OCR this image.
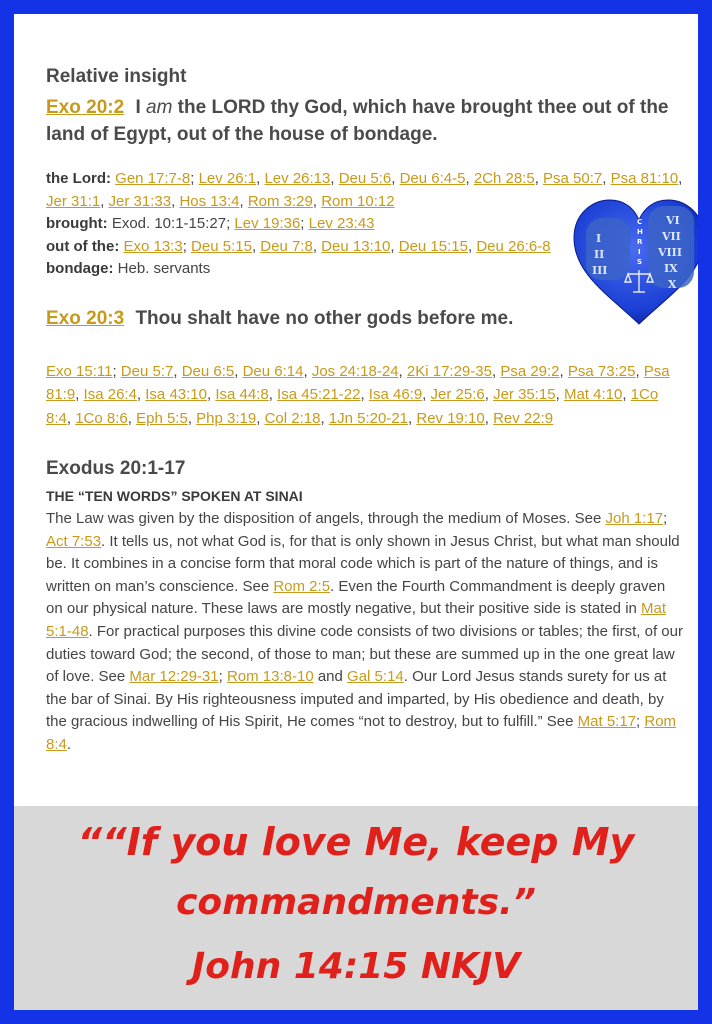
Relative insight
Exo 20:2 I am the LORD thy God, which have brought thee out of the land of Egypt, out of the house of bondage.

the Lord: Gen 17:7-8; Lev 26:1, Lev 26:13, Deu 5:6, Deu 6:4-5, 2Ch 28:5, Psa 50:7, Psa 81:10, Jer 31:1, Jer 31:33, Hos 13:4, Rom 3:29, Rom 10:12

brought: Exod. 10:1-15:27; Lev 19:36; Lev 23:43

out of the: Exo 13:3; Deu 5:15, Deu 7:8, Deu 13:10, Deu 15:15, Deu 26:6-8

bondage: Heb. servants

Exo 20:3 Thou shalt have no other gods before me.
Exo 15:11; Deu 5:7, Deu 6:5, Deu 6:14, Jos 24:18-24, 2Ki 17:29-35, Psa 29:2, Psa 73:25, Psa 81:9, Isa 26:4, Isa 43:10, Isa 44:8, Isa 45:21-22, Isa 46:9, Jer 25:6, Jer 35:15, Mat 4:10, 1Co 8:4, 1Co 8:6, Eph 5:5, Php 3:19, Col 2:18, 1Jn 5:20-21, Rev 19:10, Rev 22:9
Exodus 20:1-17
THE “TEN WORDS” SPOKEN AT SINAI

The Law was given by the disposition of angels, through the medium of Moses. See Joh 1:17; Act 7:53. It tells us, not what God is, for that is only shown in Jesus Christ, but what man should be. It combines in a concise form that moral code which is part of the nature of things, and is written on man’s conscience. See Rom 2:5. Even the Fourth Commandment is deeply graven on our physical nature. These laws are mostly negative, but their positive side is stated in Mat 5:1-48. For practical purposes this divine code consists of two divisions or tables; the first, of our duties toward God; the second, of those to man; but these are summed up in the one great law of love. See Mar 12:29-31; Rom 13:8-10 and Gal 5:14. Our Lord Jesus stands surety for us at the bar of Sinai. By His righteousness imputed and imparted, by His obedience and death, by the gracious indwelling of His Spirit, He comes “not to destroy, but to fulfill.” See Mat 5:17; Rom 8:4.

I
II
III
VI
VII
VIII
IX
X
C
H
R
I
S
““If you love Me, keep My
commandments.”
John 14:15 NKJV
